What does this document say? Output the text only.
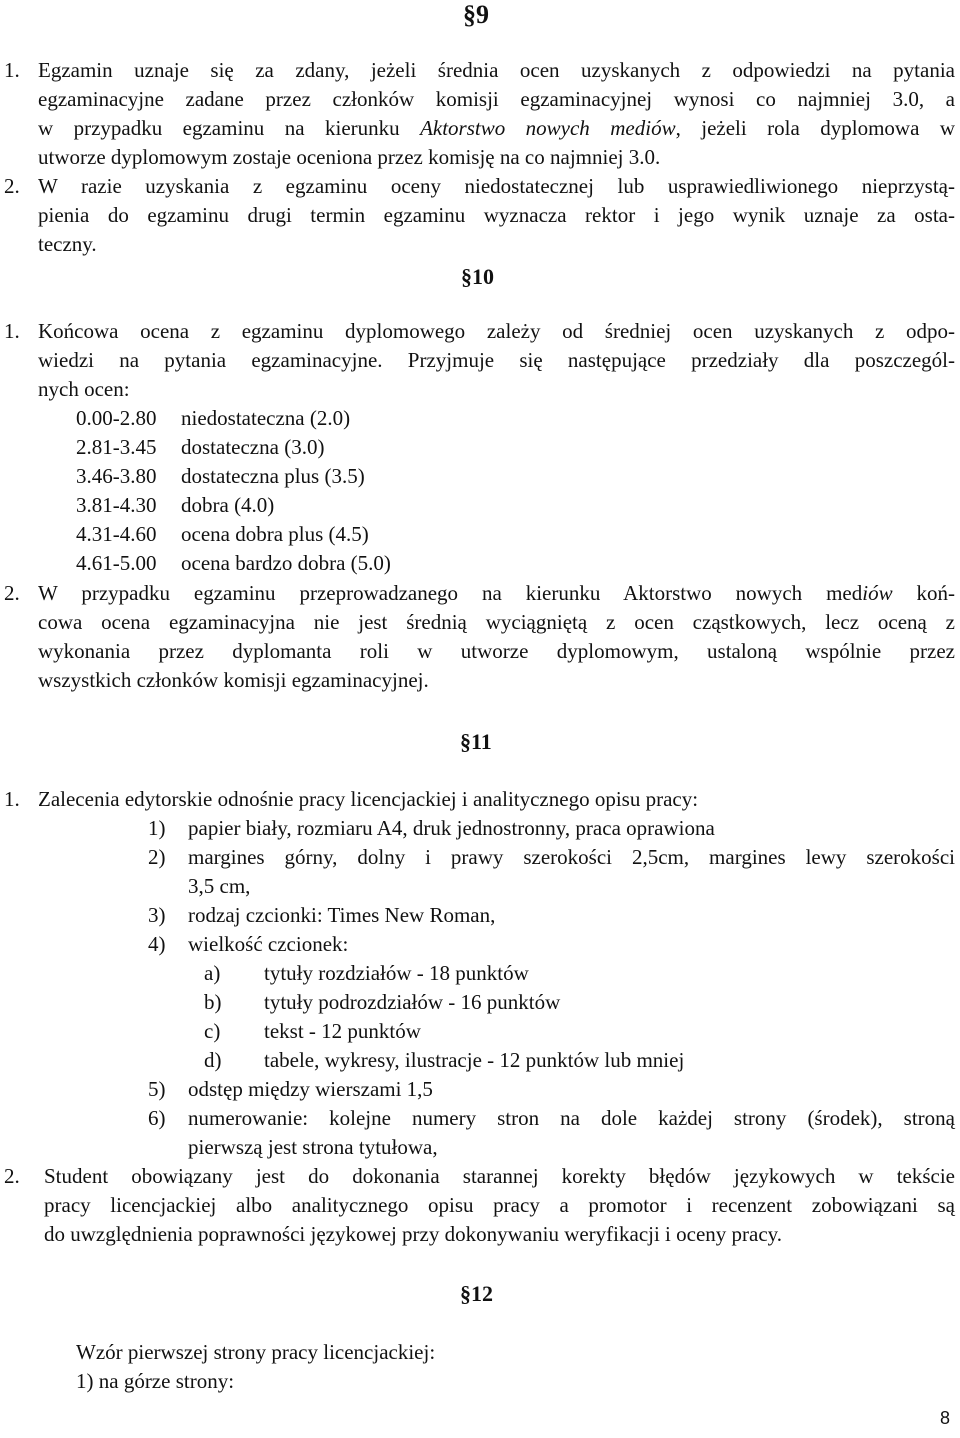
§9
1. Egzamin uznaje się za zdany, jeżeli średnia ocen uzyskanych z odpowiedzi na pytania
egzaminacyjne zadane przez członków komisji egzaminacyjnej wynosi co najmniej 3.0, a
w przypadku egzaminu na kierunku Aktorstwo nowych mediów, jeżeli rola dyplomowa w
utworze dyplomowym zostaje oceniona przez komisję na co najmniej 3.0.
2. W razie uzyskania z egzaminu oceny niedostatecznej lub usprawiedliwionego nieprzystą-
pienia do egzaminu drugi termin egzaminu wyznacza rektor i jego wynik uznaje za osta-
teczny.
§10
1. Końcowa ocena z egzaminu dyplomowego zależy od średniej ocen uzyskanych z odpo-
wiedzi na pytania egzaminacyjne. Przyjmuje się następujące przedziały dla poszczegól-
nych ocen:
0.00-2.80 niedostateczna (2.0)
2.81-3.45 dostateczna (3.0)
3.46-3.80 dostateczna plus (3.5)
3.81-4.30 dobra (4.0)
4.31-4.60 ocena dobra plus (4.5)
4.61-5.00 ocena bardzo dobra (5.0)
2. W przypadku egzaminu przeprowadzanego na kierunku Aktorstwo nowych mediów koń-
cowa ocena egzaminacyjna nie jest średnią wyciągniętą z ocen cząstkowych, lecz oceną z
wykonania przez dyplomanta roli w utworze dyplomowym, ustaloną wspólnie przez
wszystkich członków komisji egzaminacyjnej.
§11
1. Zalecenia edytorskie odnośnie pracy licencjackiej i analitycznego opisu pracy:
1) papier biały, rozmiaru A4, druk jednostronny, praca oprawiona
2) margines górny, dolny i prawy szerokości 2,5cm, margines lewy szerokości
3,5 cm,
3) rodzaj czcionki: Times New Roman,
4) wielkość czcionek:
a) tytuły rozdziałów - 18 punktów
b) tytuły podrozdziałów - 16 punktów
c) tekst - 12 punktów
d) tabele, wykresy, ilustracje - 12 punktów lub mniej
5) odstęp między wierszami 1,5
6) numerowanie: kolejne numery stron na dole każdej strony (środek), stroną
pierwszą jest strona tytułowa,
2. Student obowiązany jest do dokonania starannej korekty błędów językowych w tekście
pracy licencjackiej albo analitycznego opisu pracy a promotor i recenzent zobowiązani są
do uwzględnienia poprawności językowej przy dokonywaniu weryfikacji i oceny pracy.
§12
Wzór pierwszej strony pracy licencjackiej:
1) na górze strony:
8
